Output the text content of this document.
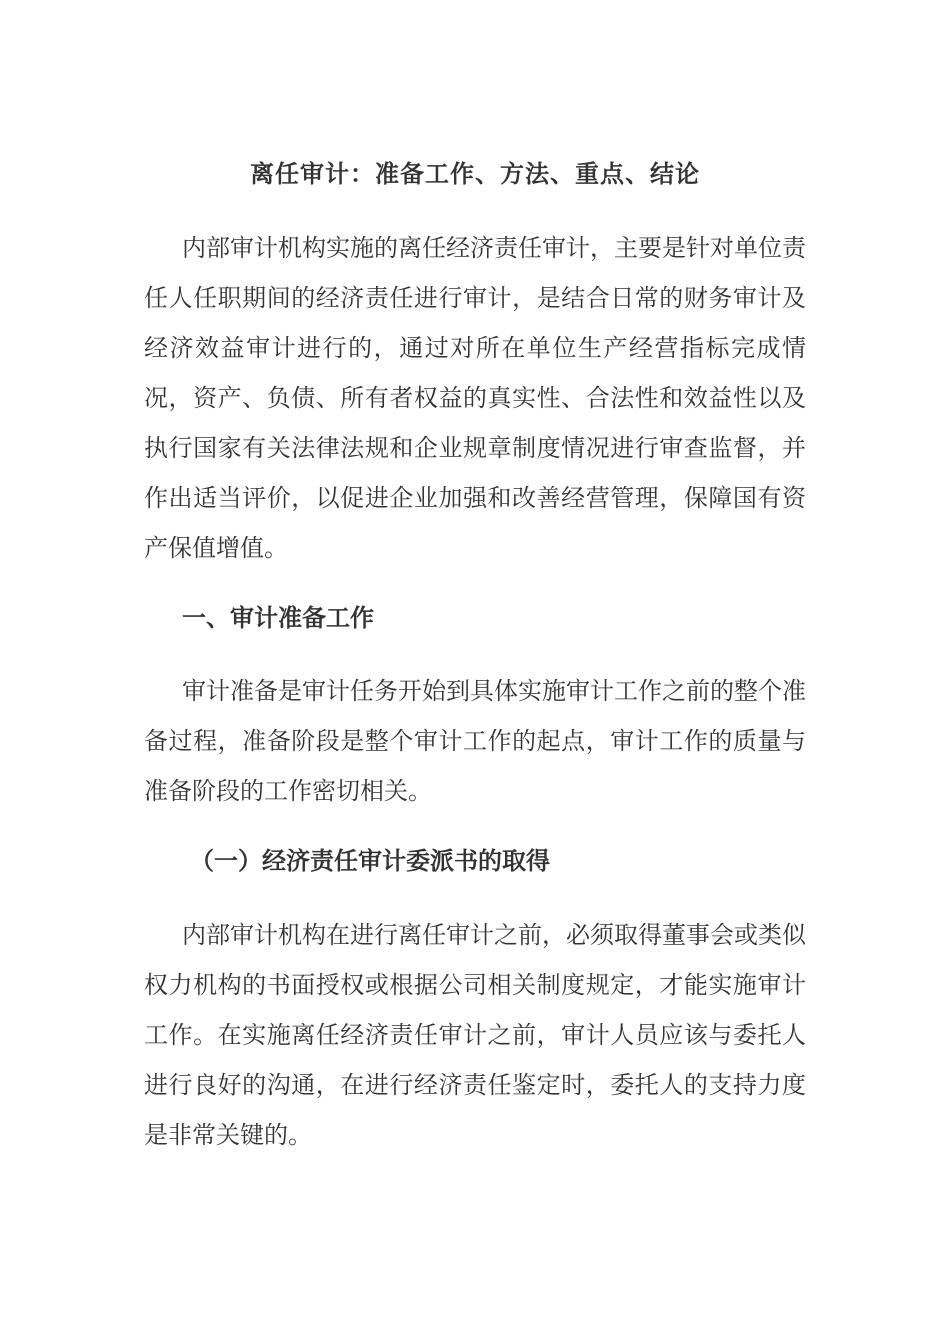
离任审计：准备工作、方法、重点、结论

内部审计机构实施的离任经济责任审计，主要是针对单位责任人任职期间的经济责任进行审计，是结合日常的财务审计及经济效益审计进行的，通过对所在单位生产经营指标完成情况，资产、负债、所有者权益的真实性、合法性和效益性以及执行国家有关法律法规和企业规章制度情况进行审查监督，并作出适当评价，以促进企业加强和改善经营管理，保障国有资产保值增值。

一、审计准备工作

审计准备是审计任务开始到具体实施审计工作之前的整个准备过程，准备阶段是整个审计工作的起点，审计工作的质量与准备阶段的工作密切相关。

（一）经济责任审计委派书的取得

内部审计机构在进行离任审计之前，必须取得董事会或类似权力机构的书面授权或根据公司相关制度规定，才能实施审计工作。在实施离任经济责任审计之前，审计人员应该与委托人进行良好的沟通，在进行经济责任鉴定时，委托人的支持力度是非常关键的。
